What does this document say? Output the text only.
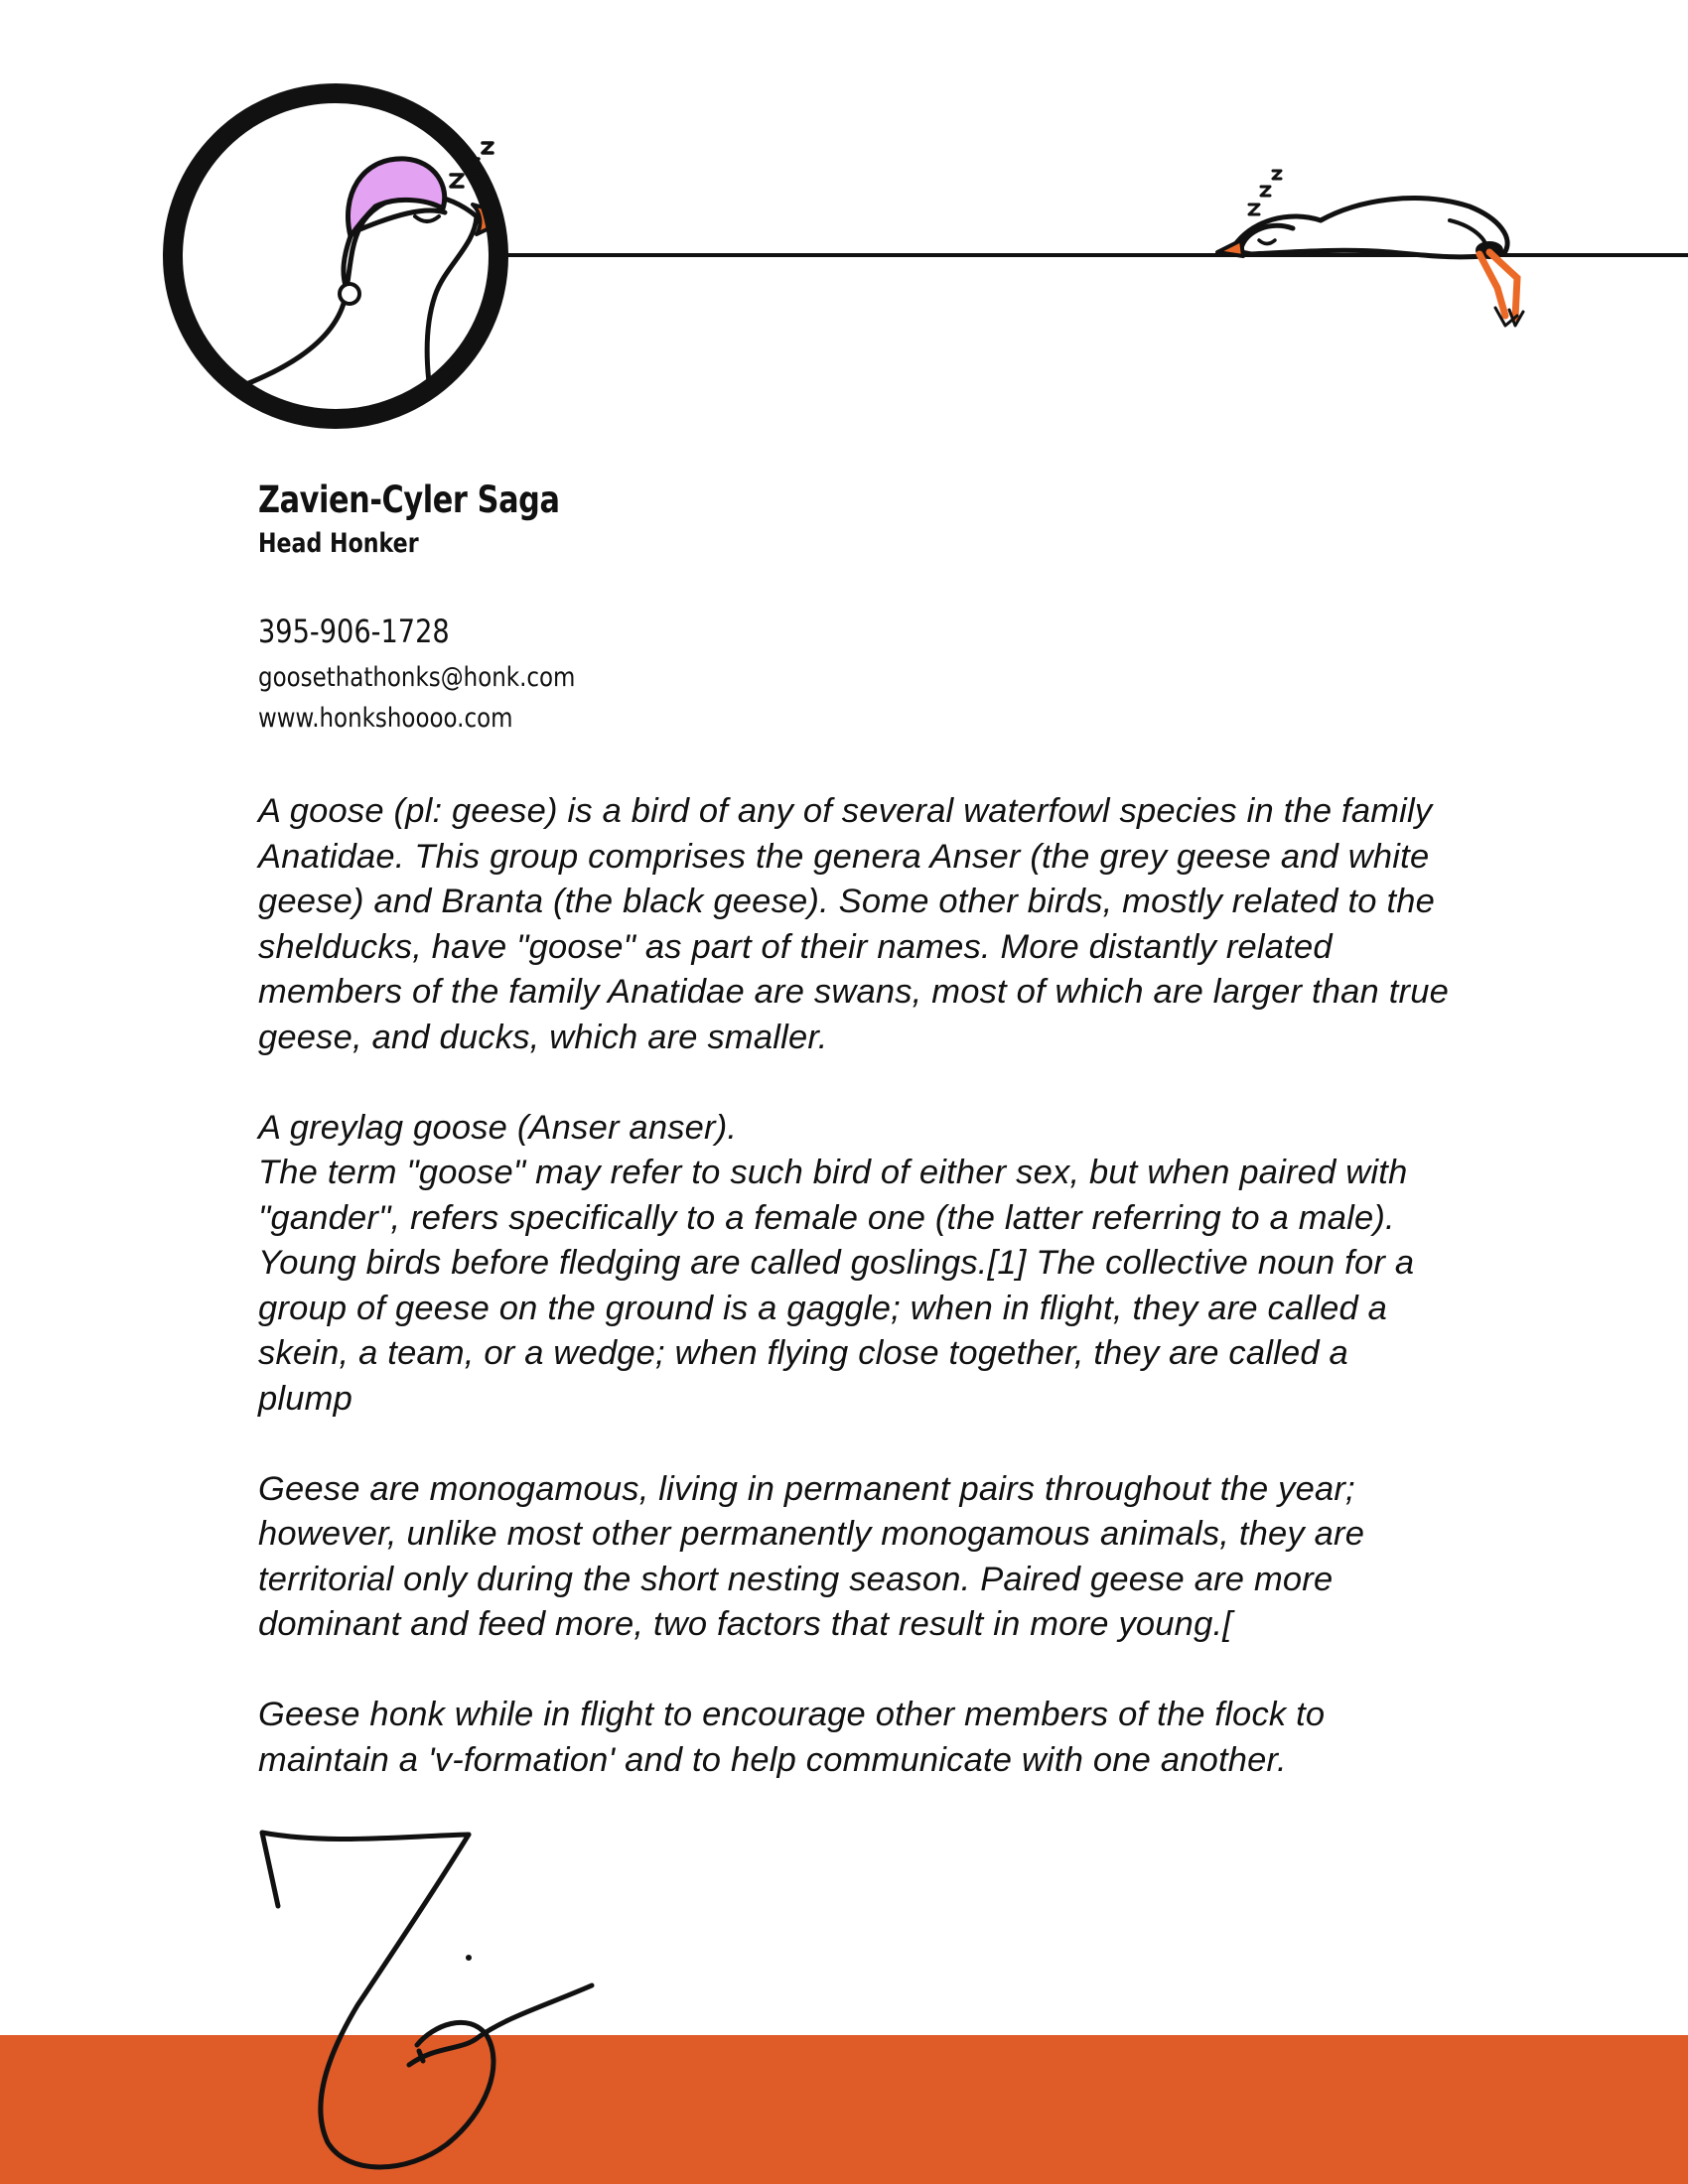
Zavien-Cyler Saga
Head Honker
395-906-1728
goosethathonks@honk.com
www.honkshoooo.com

A goose (pl: geese) is a bird of any of several waterfowl species in the family
Anatidae. This group comprises the genera Anser (the grey geese and white
geese) and Branta (the black geese). Some other birds, mostly related to the
shelducks, have "goose" as part of their names. More distantly related
members of the family Anatidae are swans, most of which are larger than true
geese, and ducks, which are smaller.

A greylag goose (Anser anser).
The term "goose" may refer to such bird of either sex, but when paired with
"gander", refers specifically to a female one (the latter referring to a male).
Young birds before fledging are called goslings.[1] The collective noun for a
group of geese on the ground is a gaggle; when in flight, they are called a
skein, a team, or a wedge; when flying close together, they are called a
plump

Geese are monogamous, living in permanent pairs throughout the year;
however, unlike most other permanently monogamous animals, they are
territorial only during the short nesting season. Paired geese are more
dominant and feed more, two factors that result in more young.[

Geese honk while in flight to encourage other members of the flock to
maintain a 'v-formation' and to help communicate with one another.
